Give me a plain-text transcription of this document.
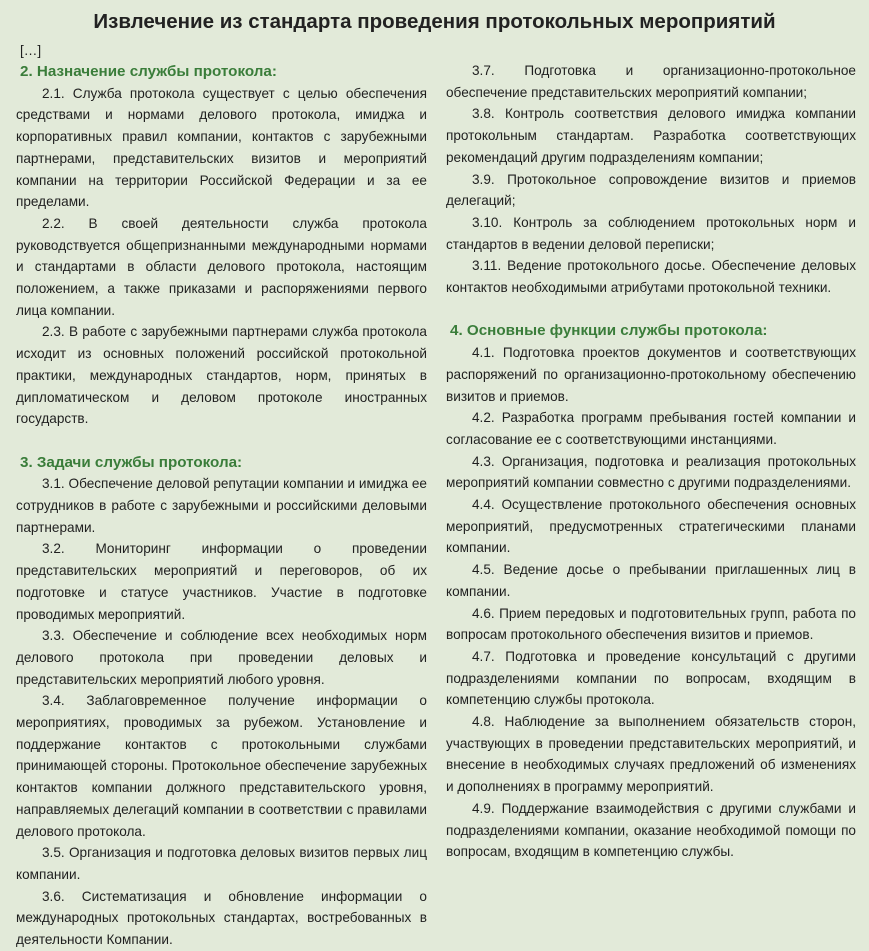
Извлечение из стандарта проведения протокольных мероприятий
[…]
2. Назначение службы протокола:

2.1. Служба протокола существует с целью обеспечения средствами и нормами делового протокола, имиджа и корпоративных правил компании, контактов с зарубежными партнерами, представительских визитов и мероприятий компании на территории Российской Федерации и за ее пределами.

2.2. В своей деятельности служба протокола руководствуется общепризнанными международными нормами и стандартами в области делового протокола, настоящим положением, а также приказами и распоряжениями первого лица компании.

2.3. В работе с зарубежными партнерами служба протокола исходит из основных положений российской протокольной практики, международных стандартов, норм, принятых в дипломатическом и деловом протоколе иностранных государств.

3. Задачи службы протокола:

3.1. Обеспечение деловой репутации компании и имиджа ее сотрудников в работе с зарубежными и российскими деловыми партнерами.

3.2. Мониторинг информации о проведении представительских мероприятий и переговоров, об их подготовке и статусе участников. Участие в подготовке проводимых мероприятий.

3.3. Обеспечение и соблюдение всех необходимых норм делового протокола при проведении деловых и представительских мероприятий любого уровня.

3.4. Заблаговременное получение информации о мероприятиях, проводимых за рубежом. Установление и поддержание контактов с протокольными службами принимающей стороны. Протокольное обеспечение зарубежных контактов компании должного представительского уровня, направляемых делегаций компании в соответствии с правилами делового протокола.

3.5. Организация и подготовка деловых визитов первых лиц компании.

3.6. Систематизация и обновление информации о международных протокольных стандартах, востребованных в деятельности Компании.

3.7. Подготовка и организационно-протокольное обеспечение представительских мероприятий компании;

3.8. Контроль соответствия делового имиджа компании протокольным стандартам. Разработка соответствующих рекомендаций другим подразделениям компании;

3.9. Протокольное сопровождение визитов и приемов делегаций;

3.10. Контроль за соблюдением протокольных норм и стандартов в ведении деловой переписки;

3.11. Ведение протокольного досье. Обеспечение деловых контактов необходимыми атрибутами протокольной техники.

4. Основные функции службы протокола:

4.1. Подготовка проектов документов и соответствующих распоряжений по организационно-протокольному обеспечению визитов и приемов.

4.2. Разработка программ пребывания гостей компании и согласование ее с соответствующими инстанциями.

4.3. Организация, подготовка и реализация протокольных мероприятий компании совместно с другими подразделениями.

4.4. Осуществление протокольного обеспечения основных мероприятий, предусмотренных стратегическими планами компании.

4.5. Ведение досье о пребывании приглашенных лиц в компании.

4.6. Прием передовых и подготовительных групп, работа по вопросам протокольного обеспечения визитов и приемов.

4.7. Подготовка и проведение консультаций с другими подразделениями компании по вопросам, входящим в компетенцию службы протокола.

4.8. Наблюдение за выполнением обязательств сторон, участвующих в проведении представительских мероприятий, и внесение в необходимых случаях предложений об изменениях и дополнениях в программу мероприятий.

4.9. Поддержание взаимодействия с другими службами и подразделениями компании, оказание необходимой помощи по вопросам, входящим в компетенцию службы.
